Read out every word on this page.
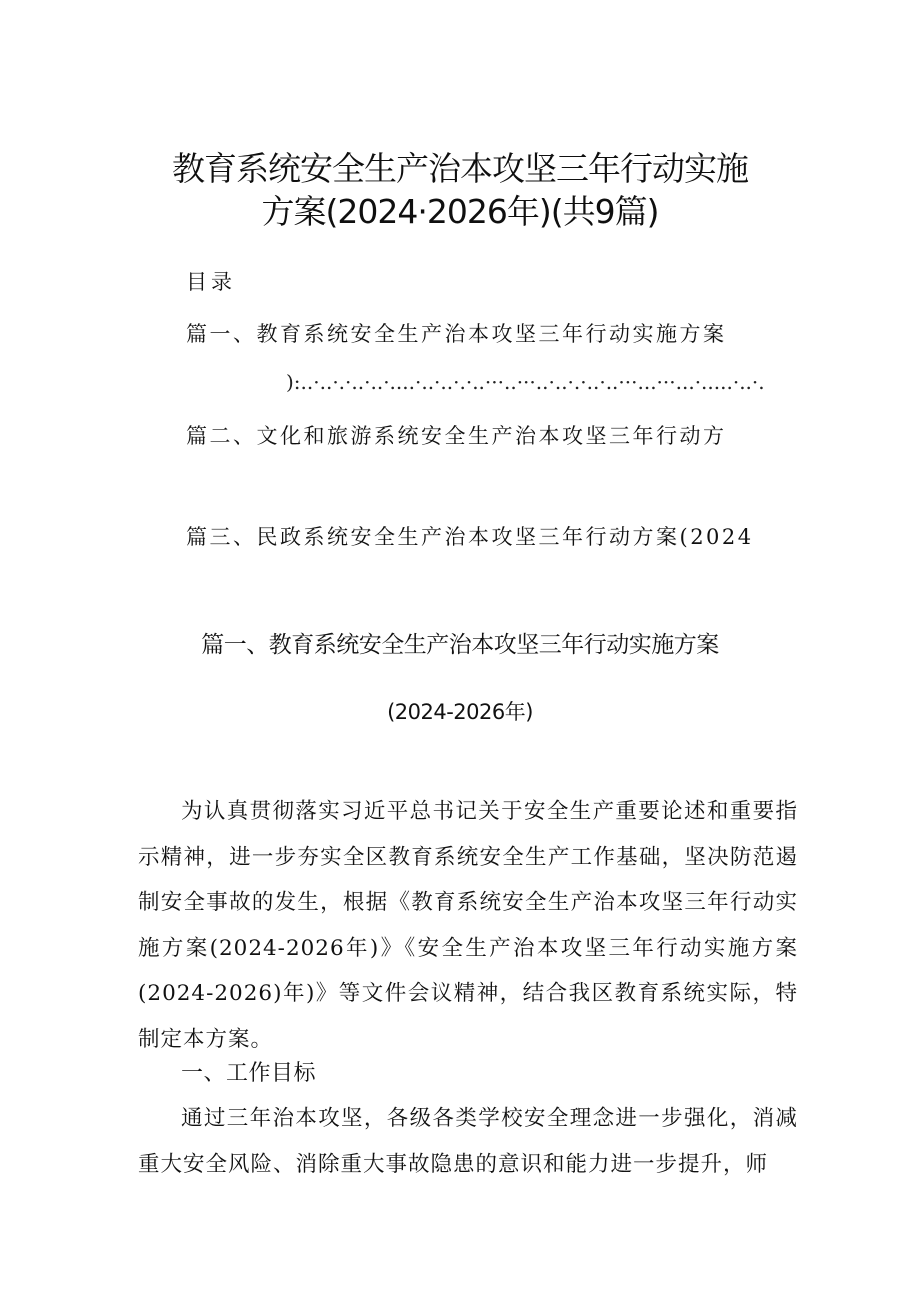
教育系统安全生产治本攻坚三年行动实施
方案(2024·2026年)(共9篇)
目录
篇一、教育系统安全生产治本攻坚三年行动实施方案
):..·..·.·..·..·....·..·..·.·..···..···..·..·.·..·..···...···...·.....·..·.
篇二、文化和旅游系统安全生产治本攻坚三年行动方
篇三、民政系统安全生产治本攻坚三年行动方案(2024
篇一、教育系统安全生产治本攻坚三年行动实施方案
(2024-2026年)

为认真贯彻落实习近平总书记关于安全生产重要论述和重要指示精神，进一步夯实全区教育系统安全生产工作基础，坚决防范遏制安全事故的发生，根据《教育系统安全生产治本攻坚三年行动实施方案(2024-2026年)》《安全生产治本攻坚三年行动实施方案(2024-2026)年)》等文件会议精神，结合我区教育系统实际，特制定本方案。

一、工作目标

通过三年治本攻坚，各级各类学校安全理念进一步强化，消减重大安全风险、消除重大事故隐患的意识和能力进一步提升，师
